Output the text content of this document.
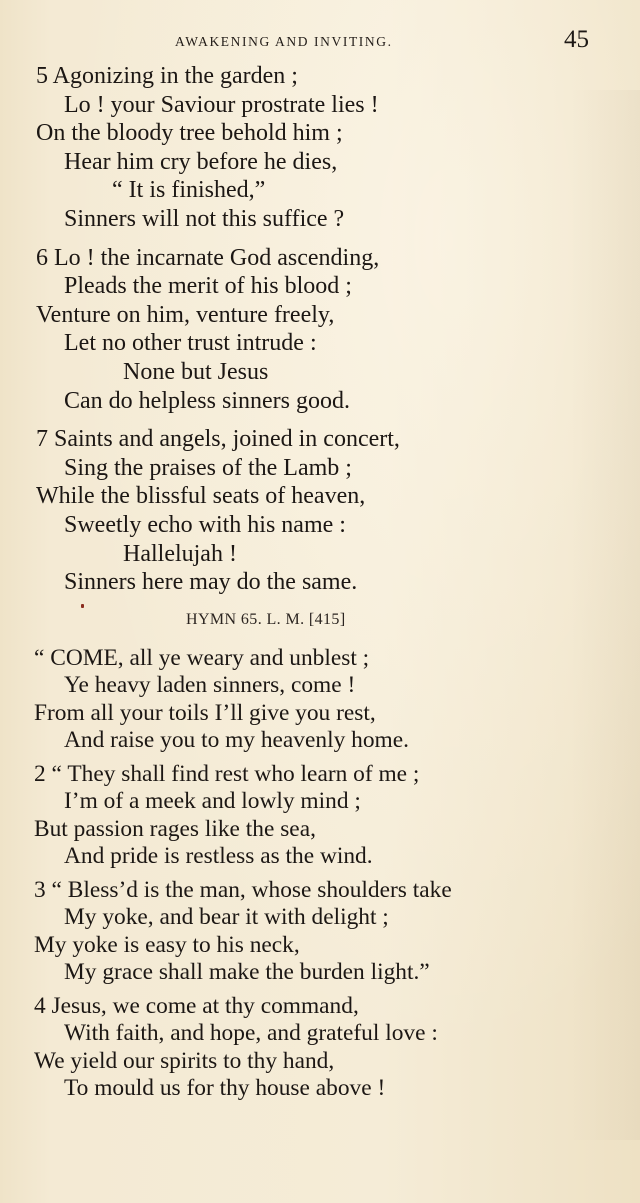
AWAKENING AND INVITING.	45
5 Agonizing in the garden ;
Lo ! your Saviour prostrate lies !
On the bloody tree behold him ;
Hear him cry before he dies,
“ It is finished,”
Sinners will not this suffice ?
6 Lo ! the incarnate God ascending,
Pleads the merit of his blood ;
Venture on him, venture freely,
Let no other trust intrude :
None but Jesus
Can do helpless sinners good.
7 Saints and angels, joined in concert,
Sing the praises of the Lamb ;
While the blissful seats of heaven,
Sweetly echo with his name :
Hallelujah !
Sinners here may do the same.
HYMN 65. L. M. [415]
“ COME, all ye weary and unblest ;
Ye heavy laden sinners, come !
From all your toils I’ll give you rest,
And raise you to my heavenly home.
2 “ They shall find rest who learn of me ;
I’m of a meek and lowly mind ;
But passion rages like the sea,
And pride is restless as the wind.
3 “ Bless’d is the man, whose shoulders take
My yoke, and bear it with delight ;
My yoke is easy to his neck,
My grace shall make the burden light.”
4 Jesus, we come at thy command,
With faith, and hope, and grateful love :
We yield our spirits to thy hand,
To mould us for thy house above !
